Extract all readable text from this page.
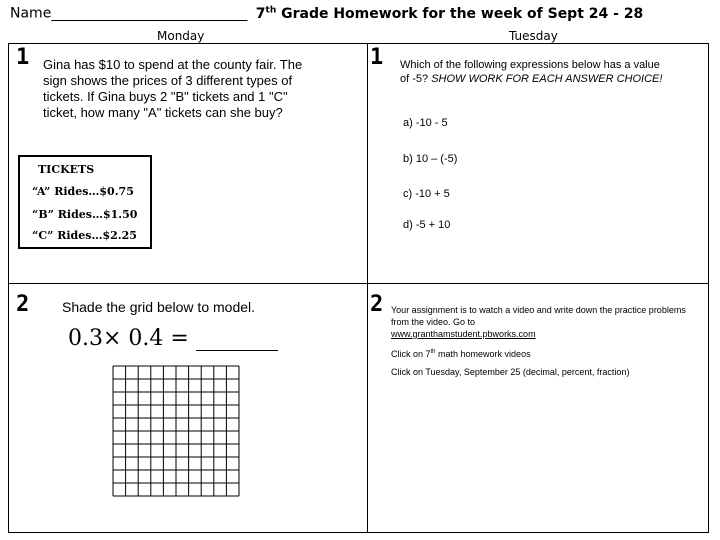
Name____________________________ 7th Grade Homework for the week of Sept 24 - 28
Monday	Tuesday
1 Gina has $10 to spend at the county fair. The sign shows the prices of 3 different types of tickets. If Gina buys 2 "B" tickets and 1 "C" ticket, how many "A" tickets can she buy?
TICKETS
“A” Rides…$0.75
“B” Rides…$1.50
“C” Rides…$2.25
1 Which of the following expressions below has a value of -5? SHOW WORK FOR EACH ANSWER CHOICE!
a) -10 - 5
b) 10 – (-5)
c) -10 + 5
d) -5 + 10
2 Shade the grid below to model.
0.3× 0.4 =
2 Your assignment is to watch a video and write down the practice problems from the video. Go to
www.granthamstudent.pbworks.com
Click on 7th math homework videos
Click on Tuesday, September 25 (decimal, percent, fraction)
